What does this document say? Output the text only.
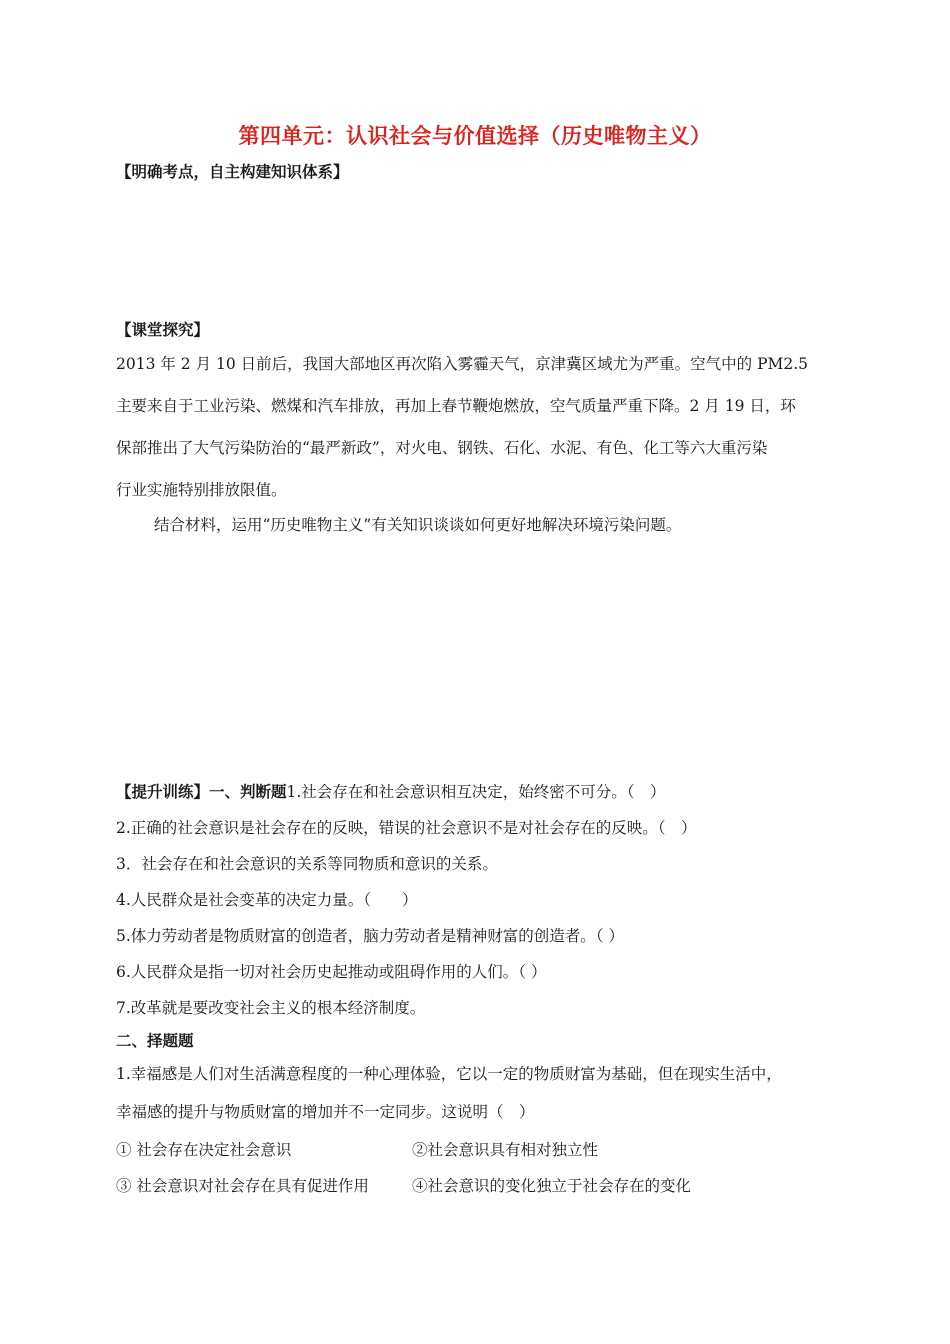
第四单元：认识社会与价值选择（历史唯物主义）
【明确考点，自主构建知识体系】
【课堂探究】
2013 年 2 月 10 日前后，我国大部地区再次陷入雾霾天气，京津冀区域尤为严重。空气中的 PM2.5
主要来自于工业污染、燃煤和汽车排放，再加上春节鞭炮燃放，空气质量严重下降。2 月 19 日，环
保部推出了大气污染防治的“最严新政”，对火电、钢铁、石化、水泥、有色、化工等六大重污染
行业实施特别排放限值。
结合材料，运用“历史唯物主义”有关知识谈谈如何更好地解决环境污染问题。
【提升训练】一、判断题1.社会存在和社会意识相互决定，始终密不可分。（　）
2.正确的社会意识是社会存在的反映，错误的社会意识不是对社会存在的反映。（　）
3．社会存在和社会意识的关系等同物质和意识的关系。
4.人民群众是社会变革的决定力量。（　　）
5.体力劳动者是物质财富的创造者，脑力劳动者是精神财富的创造者。（ ）
6.人民群众是指一切对社会历史起推动或阻碍作用的人们。（ ）
7.改革就是要改变社会主义的根本经济制度。
二、择题题
1.幸福感是人们对生活满意程度的一种心理体验，它以一定的物质财富为基础，但在现实生活中，
幸福感的提升与物质财富的增加并不一定同步。这说明（　）
① 社会存在决定社会意识	②社会意识具有相对独立性
③ 社会意识对社会存在具有促进作用	④社会意识的变化独立于社会存在的变化
